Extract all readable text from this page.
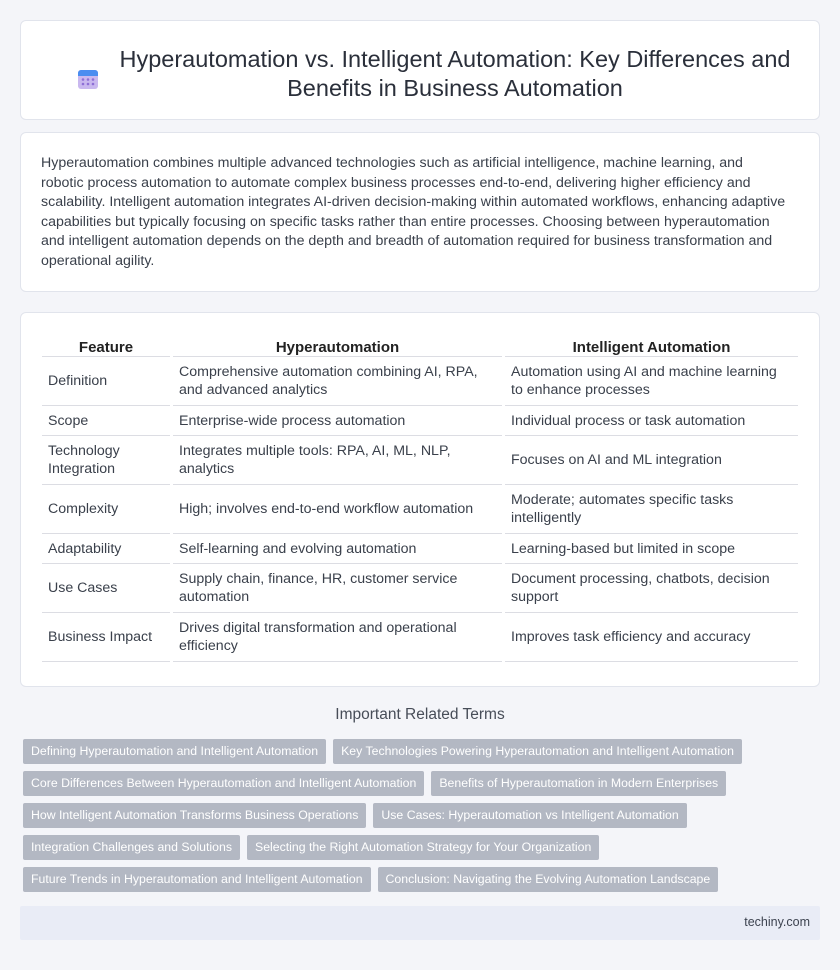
Hyperautomation vs. Intelligent Automation: Key Differences and Benefits in Business Automation

Hyperautomation combines multiple advanced technologies such as artificial intelligence, machine learning, and robotic process automation to automate complex business processes end-to-end, delivering higher efficiency and scalability. Intelligent automation integrates AI-driven decision-making within automated workflows, enhancing adaptive capabilities but typically focusing on specific tasks rather than entire processes. Choosing between hyperautomation and intelligent automation depends on the depth and breadth of automation required for business transformation and operational agility.

Feature		Hyperautomation		Intelligent Automation
Definition		Comprehensive automation combining AI, RPA, and advanced analytics		Automation using AI and machine learning to enhance processes
Scope		Enterprise-wide process automation		Individual process or task automation
Technology Integration		Integrates multiple tools: RPA, AI, ML, NLP, analytics		Focuses on AI and ML integration
Complexity		High; involves end-to-end workflow automation		Moderate; automates specific tasks intelligently
Adaptability		Self-learning and evolving automation		Learning-based but limited in scope
Use Cases		Supply chain, finance, HR, customer service automation		Document processing, chatbots, decision support
Business Impact		Drives digital transformation and operational efficiency		Improves task efficiency and accuracy
Important Related Terms
Defining Hyperautomation and Intelligent Automation	Key Technologies Powering Hyperautomation and Intelligent Automation
Core Differences Between Hyperautomation and Intelligent Automation	Benefits of Hyperautomation in Modern Enterprises
How Intelligent Automation Transforms Business Operations	Use Cases: Hyperautomation vs Intelligent Automation
Integration Challenges and Solutions	Selecting the Right Automation Strategy for Your Organization
Future Trends in Hyperautomation and Intelligent Automation	Conclusion: Navigating the Evolving Automation Landscape
techiny.com
